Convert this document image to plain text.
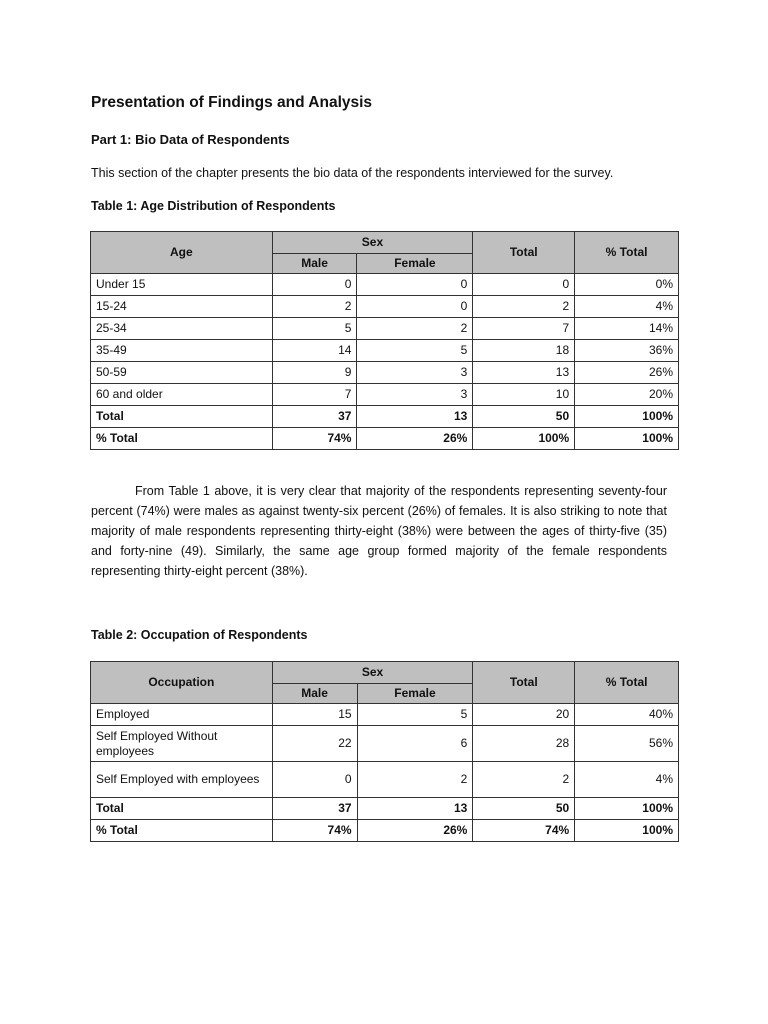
Presentation of Findings and Analysis
Part 1: Bio Data of Respondents

This section of the chapter presents the bio data of the respondents interviewed for the survey.

Table 1: Age Distribution of Respondents
Age	Sex		Total	% Total
	Male	Female		
Under 15	0	0	0	0%
15-24	2	0	2	4%
25-34	5	2	7	14%
35-49	14	5	18	36%
50-59	9	3	13	26%
60 and older	7	3	10	20%
Total	37	13	50	100%
% Total	74%	26%	100%	100%

From Table 1 above, it is very clear that majority of the respondents representing seventy-four percent (74%) were males as against twenty-six percent (26%) of females. It is also striking to note that majority of male respondents representing thirty-eight (38%) were between the ages of thirty-five (35) and forty-nine (49). Similarly, the same age group formed majority of the female respondents representing thirty-eight percent (38%).

Table 2: Occupation of Respondents
Occupation	Sex		Total	% Total
	Male	Female		
Employed	15	5	20	40%
Self Employed Without employees	22	6	28	56%
Self Employed with employees	0	2	2	4%
Total	37	13	50	100%
% Total	74%	26%	74%	100%
